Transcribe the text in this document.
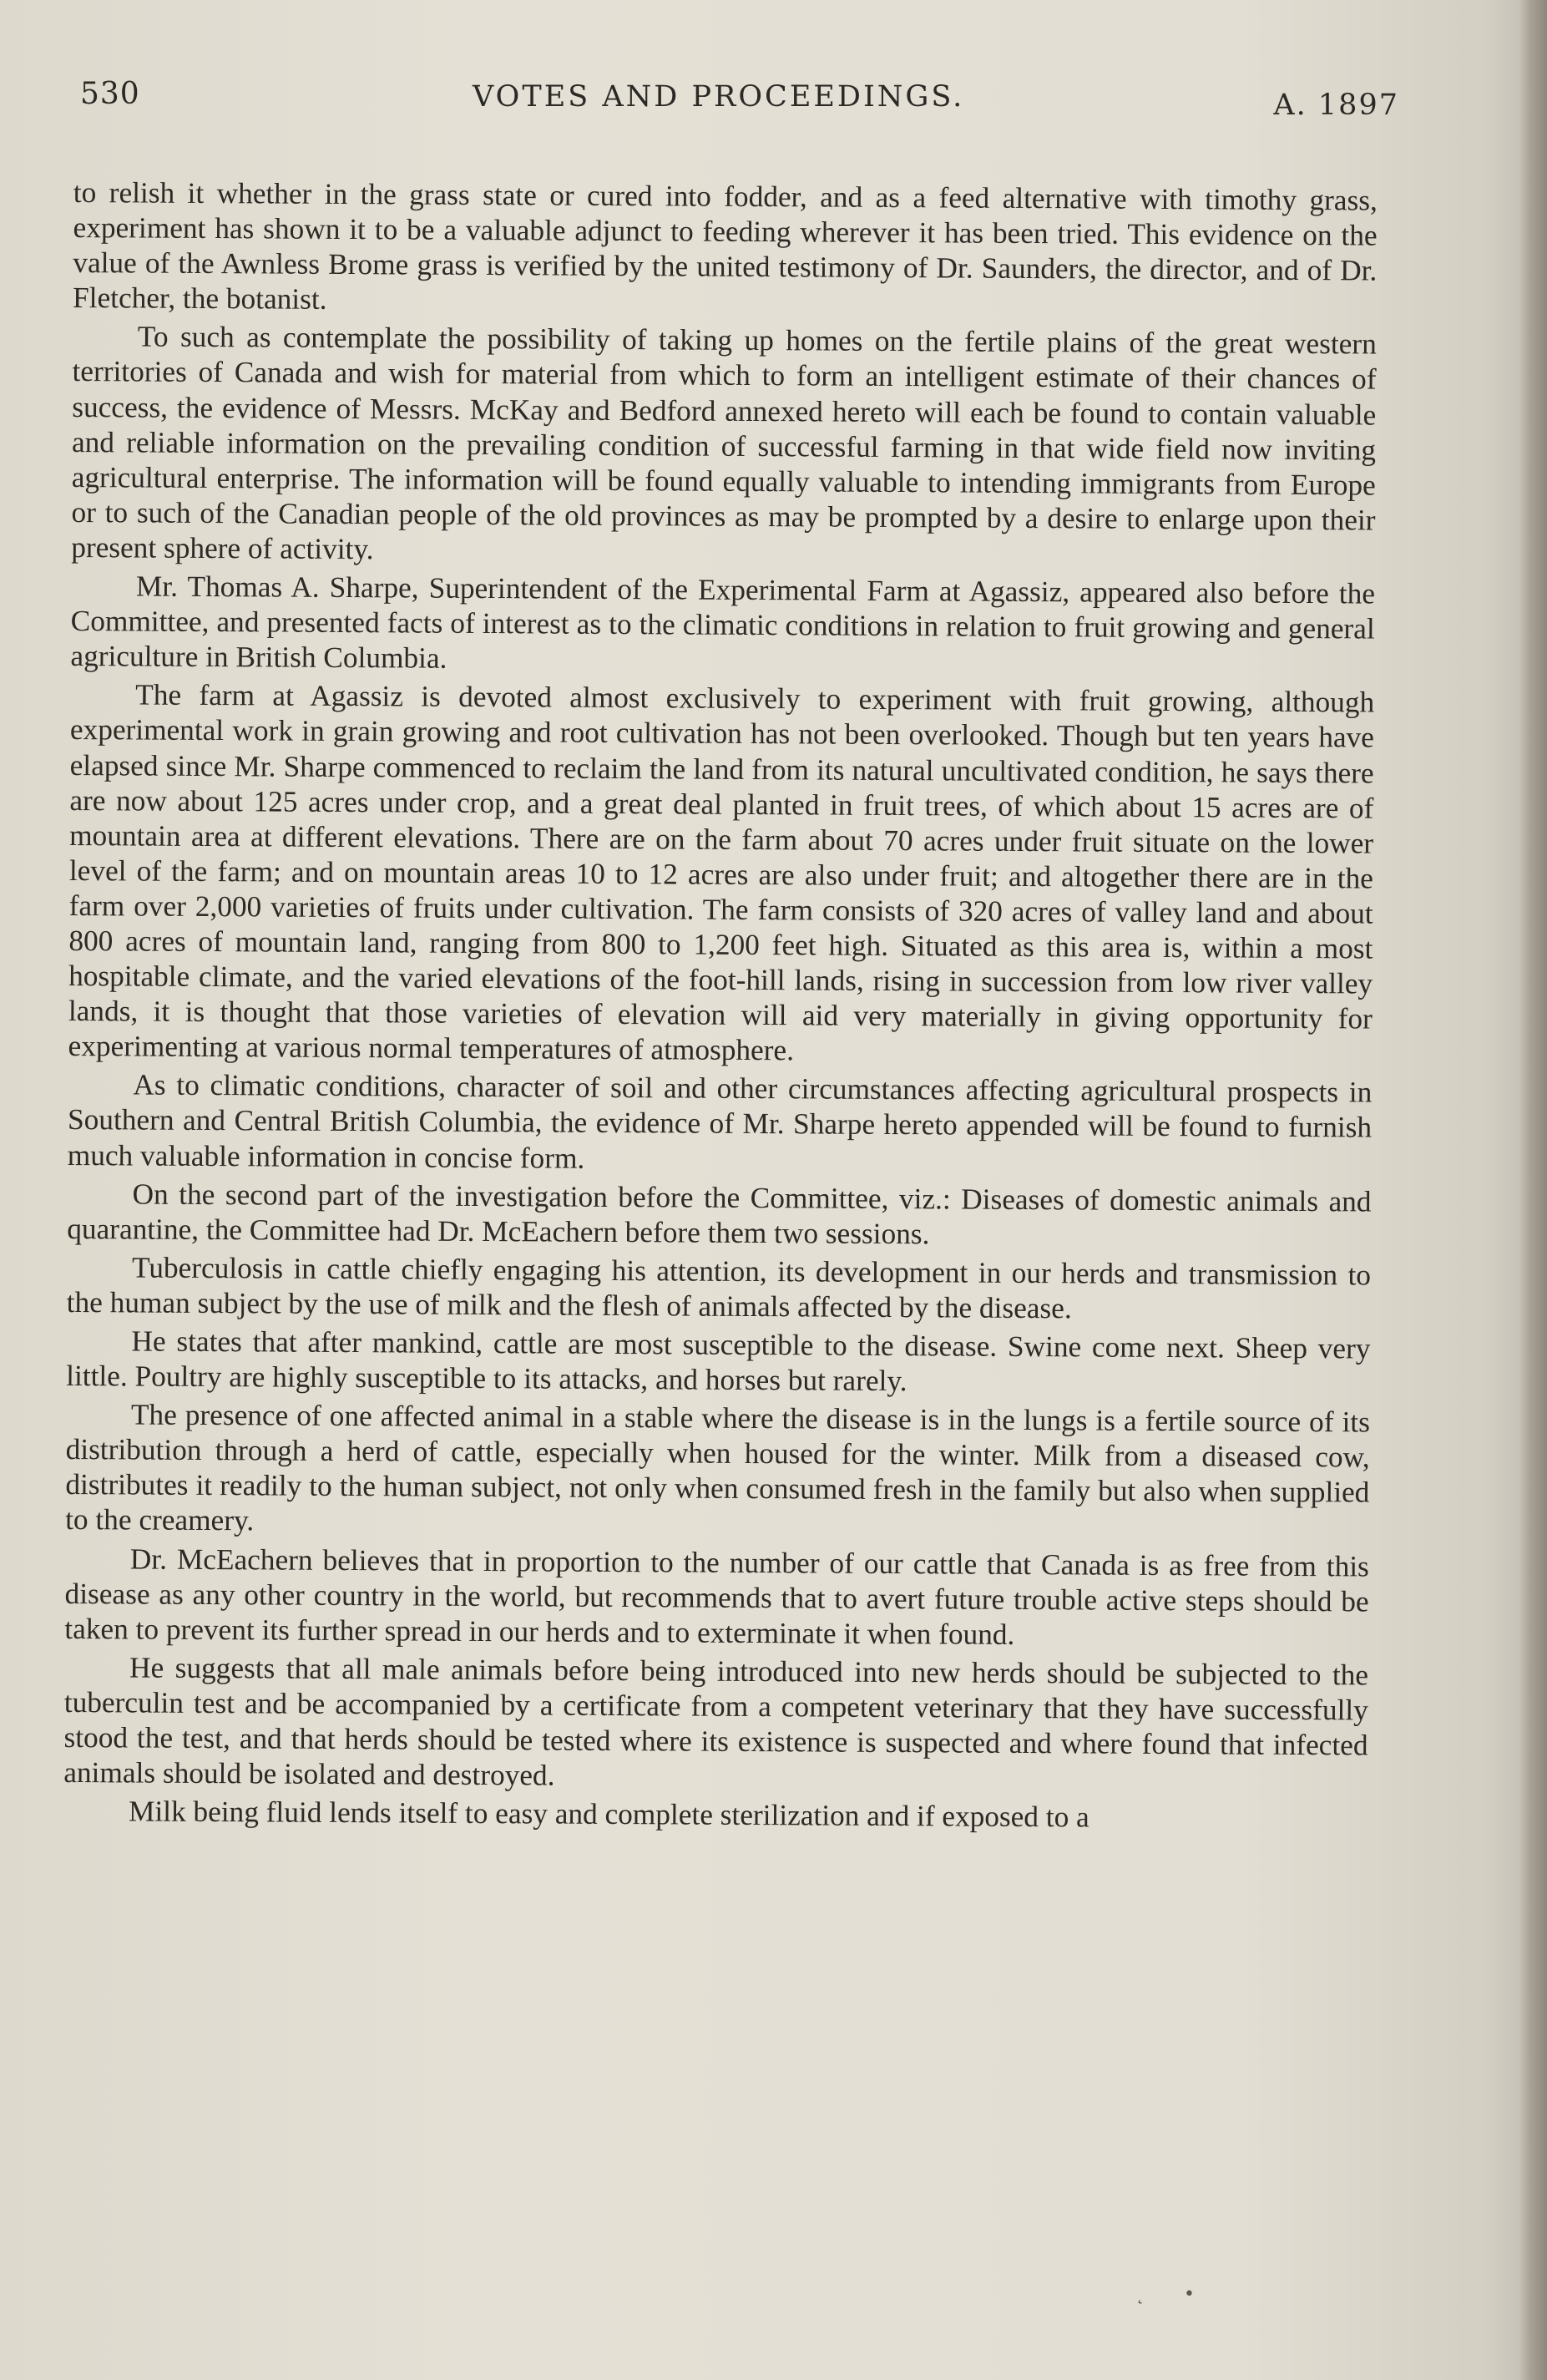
530	VOTES AND PROCEEDINGS.	A. 1897

to relish it whether in the grass state or cured into fodder, and as a feed alternative with timothy grass, experiment has shown it to be a valuable adjunct to feeding wherever it has been tried. This evidence on the value of the Awnless Brome grass is verified by the united testimony of Dr. Saunders, the director, and of Dr. Fletcher, the botanist.

To such as contemplate the possibility of taking up homes on the fertile plains of the great western territories of Canada and wish for material from which to form an intelligent estimate of their chances of success, the evidence of Messrs. McKay and Bedford annexed hereto will each be found to contain valuable and reliable information on the prevailing condition of successful farming in that wide field now inviting agricultural enterprise. The information will be found equally valuable to intending immigrants from Europe or to such of the Canadian people of the old provinces as may be prompted by a desire to enlarge upon their present sphere of activity.

Mr. Thomas A. Sharpe, Superintendent of the Experimental Farm at Agassiz, appeared also before the Committee, and presented facts of interest as to the climatic conditions in relation to fruit growing and general agriculture in British Columbia.

The farm at Agassiz is devoted almost exclusively to experiment with fruit growing, although experimental work in grain growing and root cultivation has not been overlooked. Though but ten years have elapsed since Mr. Sharpe commenced to reclaim the land from its natural uncultivated condition, he says there are now about 125 acres under crop, and a great deal planted in fruit trees, of which about 15 acres are of mountain area at different elevations. There are on the farm about 70 acres under fruit situate on the lower level of the farm; and on mountain areas 10 to 12 acres are also under fruit; and altogether there are in the farm over 2,000 varieties of fruits under cultivation. The farm consists of 320 acres of valley land and about 800 acres of mountain land, ranging from 800 to 1,200 feet high. Situated as this area is, within a most hospitable climate, and the varied elevations of the foot-hill lands, rising in succession from low river valley lands, it is thought that those varieties of elevation will aid very materially in giving opportunity for experimenting at various normal temperatures of atmosphere.

As to climatic conditions, character of soil and other circumstances affecting agricultural prospects in Southern and Central British Columbia, the evidence of Mr. Sharpe hereto appended will be found to furnish much valuable information in concise form.

On the second part of the investigation before the Committee, viz.: Diseases of domestic animals and quarantine, the Committee had Dr. McEachern before them two sessions.

Tuberculosis in cattle chiefly engaging his attention, its development in our herds and transmission to the human subject by the use of milk and the flesh of animals affected by the disease.

He states that after mankind, cattle are most susceptible to the disease. Swine come next. Sheep very little. Poultry are highly susceptible to its attacks, and horses but rarely.

The presence of one affected animal in a stable where the disease is in the lungs is a fertile source of its distribution through a herd of cattle, especially when housed for the winter. Milk from a diseased cow, distributes it readily to the human subject, not only when consumed fresh in the family but also when supplied to the creamery.

Dr. McEachern believes that in proportion to the number of our cattle that Canada is as free from this disease as any other country in the world, but recommends that to avert future trouble active steps should be taken to prevent its further spread in our herds and to exterminate it when found.

He suggests that all male animals before being introduced into new herds should be subjected to the tuberculin test and be accompanied by a certificate from a competent veterinary that they have successfully stood the test, and that herds should be tested where its existence is suspected and where found that infected animals should be isolated and destroyed.

Milk being fluid lends itself to easy and complete sterilization and if exposed to a

˛ •
